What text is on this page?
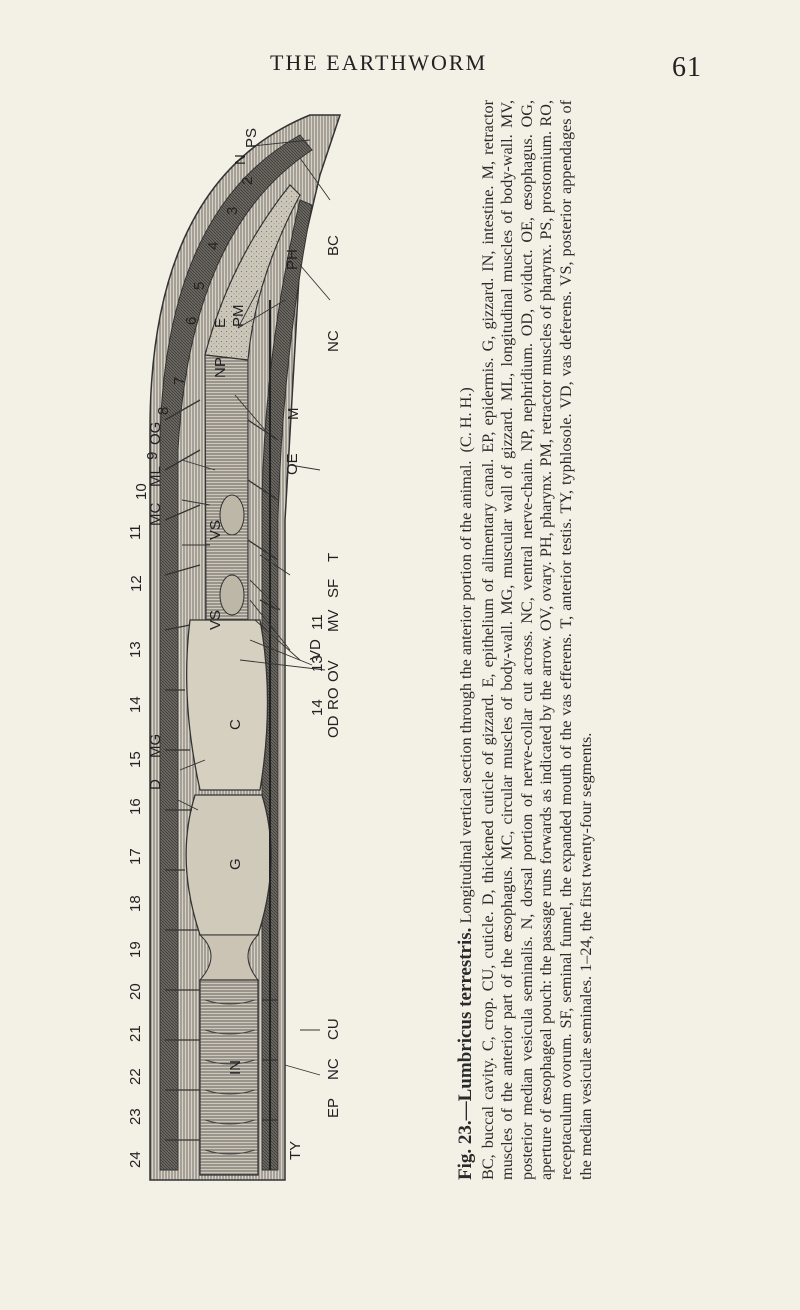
THE EARTHWORM	61
PS
N
BC
PH
NC
PM
E
NP
M
OG
ML
MC
OE
T
SF
MV
VS
VS
VD
OV
RO
OD
C
G
D
MG
CU
NC
EP
TY
IN
14
13
11
2
3
4
5
6
7
8
9
10
11
12
13
14
15
16
17
18
19
20
21
22
23
24	Fig. 23.—Lumbricus terrestris. Longitudinal vertical section through the anterior portion of the animal. (C. H. H.) BC, buccal cavity. C, crop. CU, cuticle. D, thickened cuticle of gizzard. E, epithelium of alimentary canal. EP, epidermis. G, gizzard. IN, intestine. M, retractor muscles of the anterior part of the œsophagus. MC, circular muscles of body-wall. MG, muscular wall of gizzard. ML, longitudinal muscles of body-wall. MV, posterior median vesicula seminalis. N, dorsal portion of nerve-collar cut across. NC, ventral nerve-chain. NP, nephridium. OD, oviduct. OE, œsophagus. OG, aperture of œsophageal pouch: the passage runs forwards as indicated by the arrow. OV, ovary. PH, pharynx. PM, retractor muscles of pharynx. PS, prostomium. RO, receptaculum ovorum. SF, seminal funnel, the expanded mouth of the vas efferens. T, anterior testis. TY, typhlosole. VD, vas deferens. VS, posterior appendages of the median vesiculæ seminales. 1–24, the first twenty-four segments.
